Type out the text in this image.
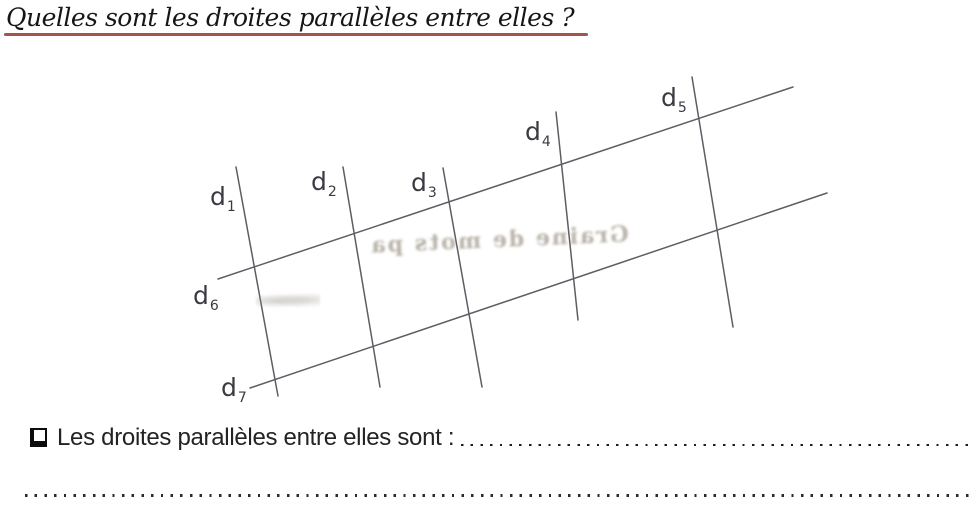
Quelles sont les droites parallèles entre elles ?
$d_1$
$d_2$	$d_3$
$d_4$
$d_5$
$d_6$
$d_7$
Graine de mots pa
Les droites parallèles entre elles sont :
